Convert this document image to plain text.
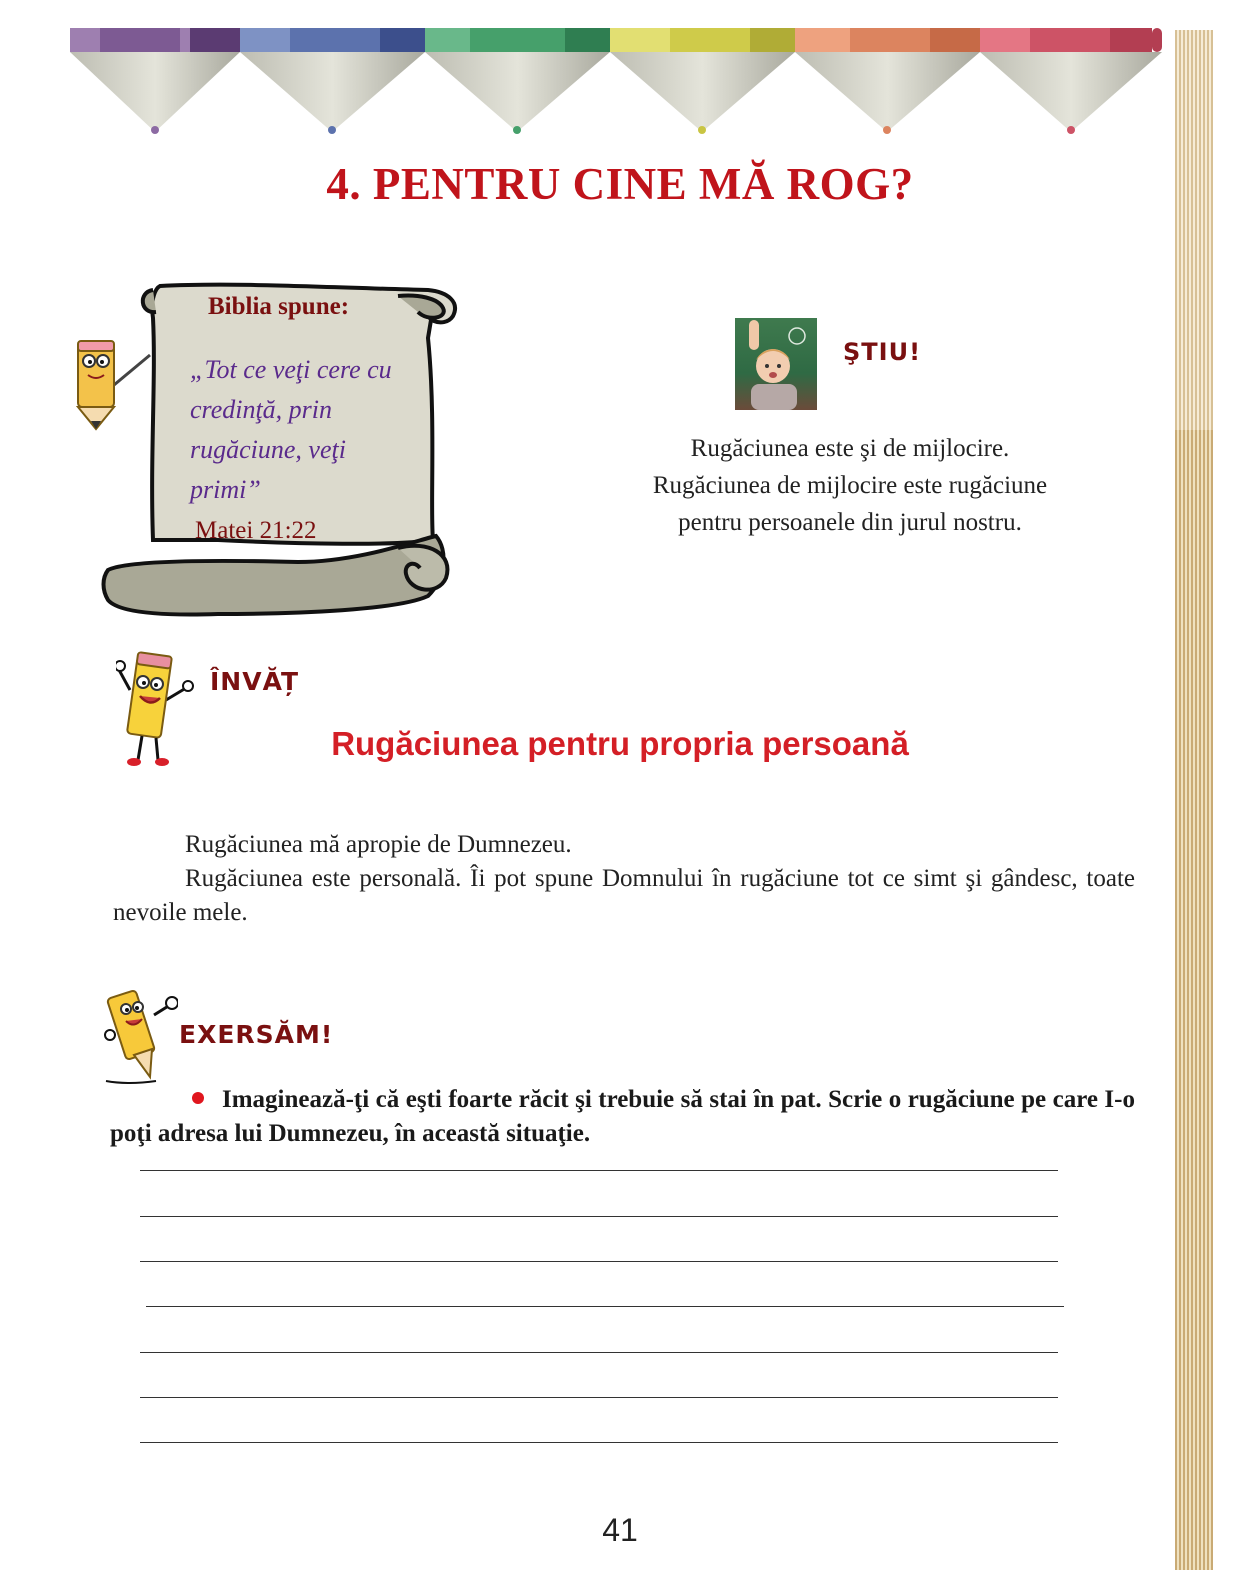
4. PENTRU CINE MĂ ROG?
Biblia spune:
„Tot ce veţi cere cu credinţă, prin rugăciune, veţi primi”
Matei 21:22
ŞTIU!
Rugăciunea este şi de mijlocire.
Rugăciunea de mijlocire este rugăciune
pentru persoanele din jurul nostru.
ÎNVĂȚ
Rugăciunea pentru propria persoană

Rugăciunea mă apropie de Dumnezeu.

Rugăciunea este personală. Îi pot spune Domnului în rugăciune tot ce simt şi gândesc, toate nevoile mele.

EXERSĂM!
Imaginează-ţi că eşti foarte răcit şi trebuie să stai în pat. Scrie o rugăciune pe care I-o poţi adresa lui Dumnezeu, în această situaţie.
41
